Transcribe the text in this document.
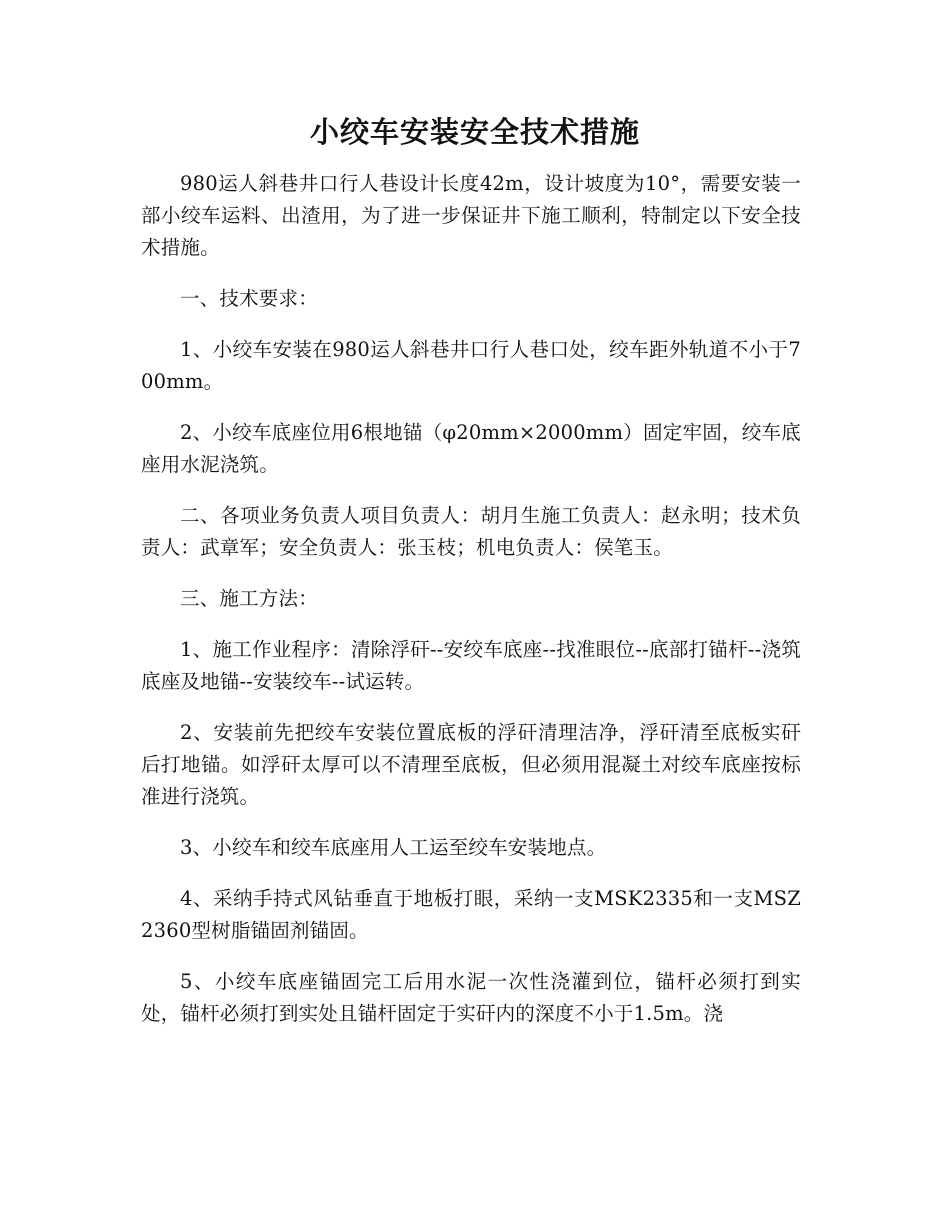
小绞车安装安全技术措施

980运人斜巷井口行人巷设计长度42m，设计坡度为10°，需要安装一部小绞车运料、出渣用，为了进一步保证井下施工顺利，特制定以下安全技术措施。

一、技术要求：

1、小绞车安装在980运人斜巷井口行人巷口处，绞车距外轨道不小于700mm。

2、小绞车底座位用6根地锚（φ20mm×2000mm）固定牢固，绞车底座用水泥浇筑。

二、各项业务负责人项目负责人：胡月生施工负责人：赵永明；技术负责人：武章军；安全负责人：张玉枝；机电负责人：侯笔玉。

三、施工方法：

1、施工作业程序：清除浮矸--安绞车底座--找准眼位--底部打锚杆--浇筑底座及地锚--安装绞车--试运转。

2、安装前先把绞车安装位置底板的浮矸清理洁净，浮矸清至底板实矸后打地锚。如浮矸太厚可以不清理至底板，但必须用混凝土对绞车底座按标准进行浇筑。

3、小绞车和绞车底座用人工运至绞车安装地点。

4、采纳手持式风钻垂直于地板打眼，采纳一支MSK2335和一支MSZ2360型树脂锚固剂锚固。

5、小绞车底座锚固完工后用水泥一次性浇灌到位，锚杆必须打到实处，锚杆必须打到实处且锚杆固定于实矸内的深度不小于1.5m。浇
